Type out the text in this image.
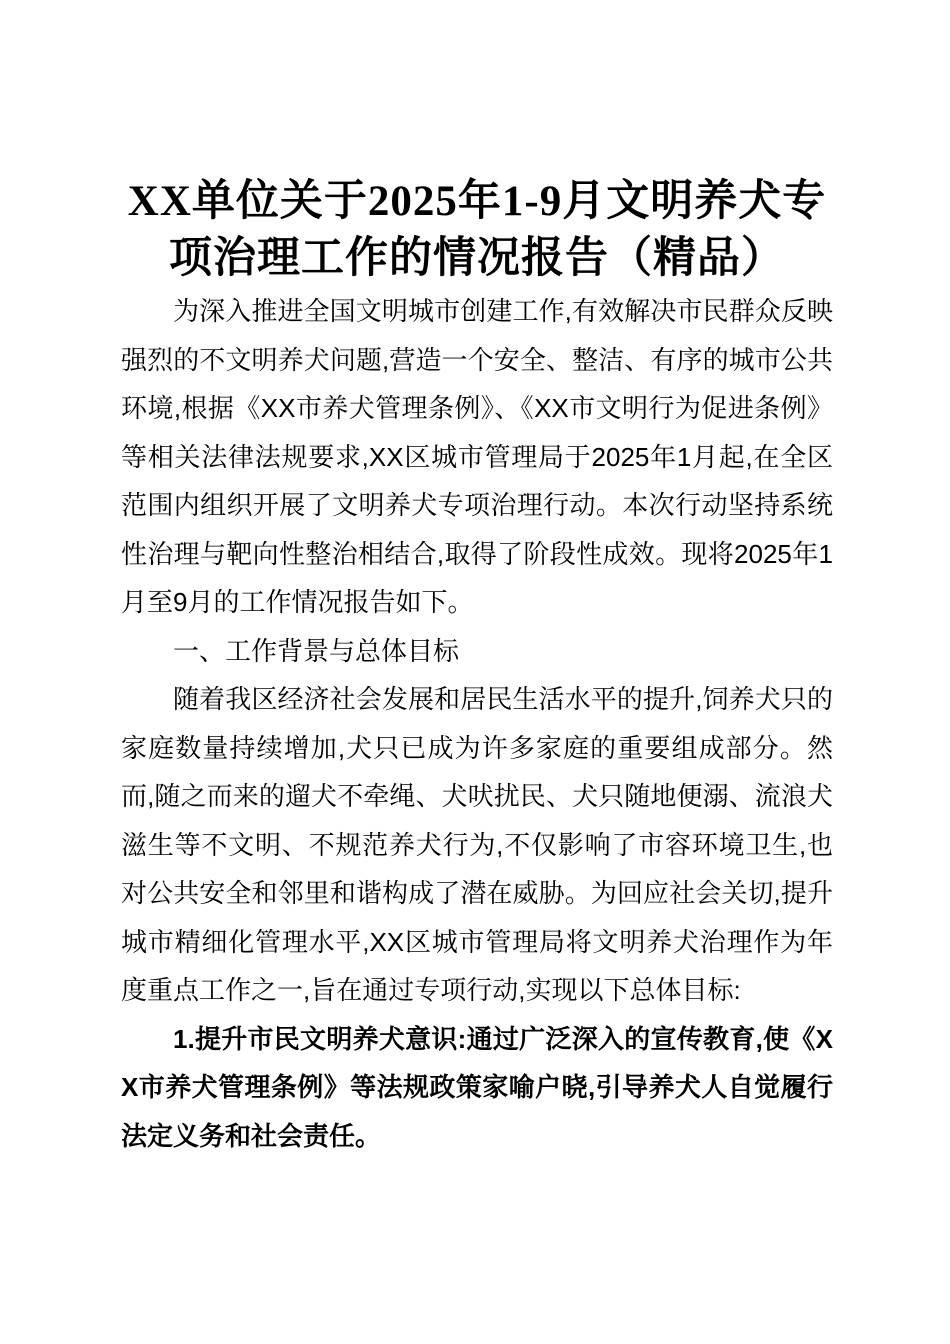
XX单位关于2025年1-9月文明养犬专项治理工作的情况报告（精品）

为深入推进全国文明城市创建工作,有效解决市民群众反映强烈的不文明养犬问题,营造一个安全、整洁、有序的城市公共环境,根据《XX市养犬管理条例》、《XX市文明行为促进条例》等相关法律法规要求,XX区城市管理局于2025年1月起,在全区范围内组织开展了文明养犬专项治理行动。本次行动坚持系统性治理与靶向性整治相结合,取得了阶段性成效。现将2025年1月至9月的工作情况报告如下。

一、工作背景与总体目标

随着我区经济社会发展和居民生活水平的提升,饲养犬只的家庭数量持续增加,犬只已成为许多家庭的重要组成部分。然而,随之而来的遛犬不牵绳、犬吠扰民、犬只随地便溺、流浪犬滋生等不文明、不规范养犬行为,不仅影响了市容环境卫生,也对公共安全和邻里和谐构成了潜在威胁。为回应社会关切,提升城市精细化管理水平,XX区城市管理局将文明养犬治理作为年度重点工作之一,旨在通过专项行动,实现以下总体目标:

1.提升市民文明养犬意识:通过广泛深入的宣传教育,使《XX市养犬管理条例》等法规政策家喻户晓,引导养犬人自觉履行法定义务和社会责任。
